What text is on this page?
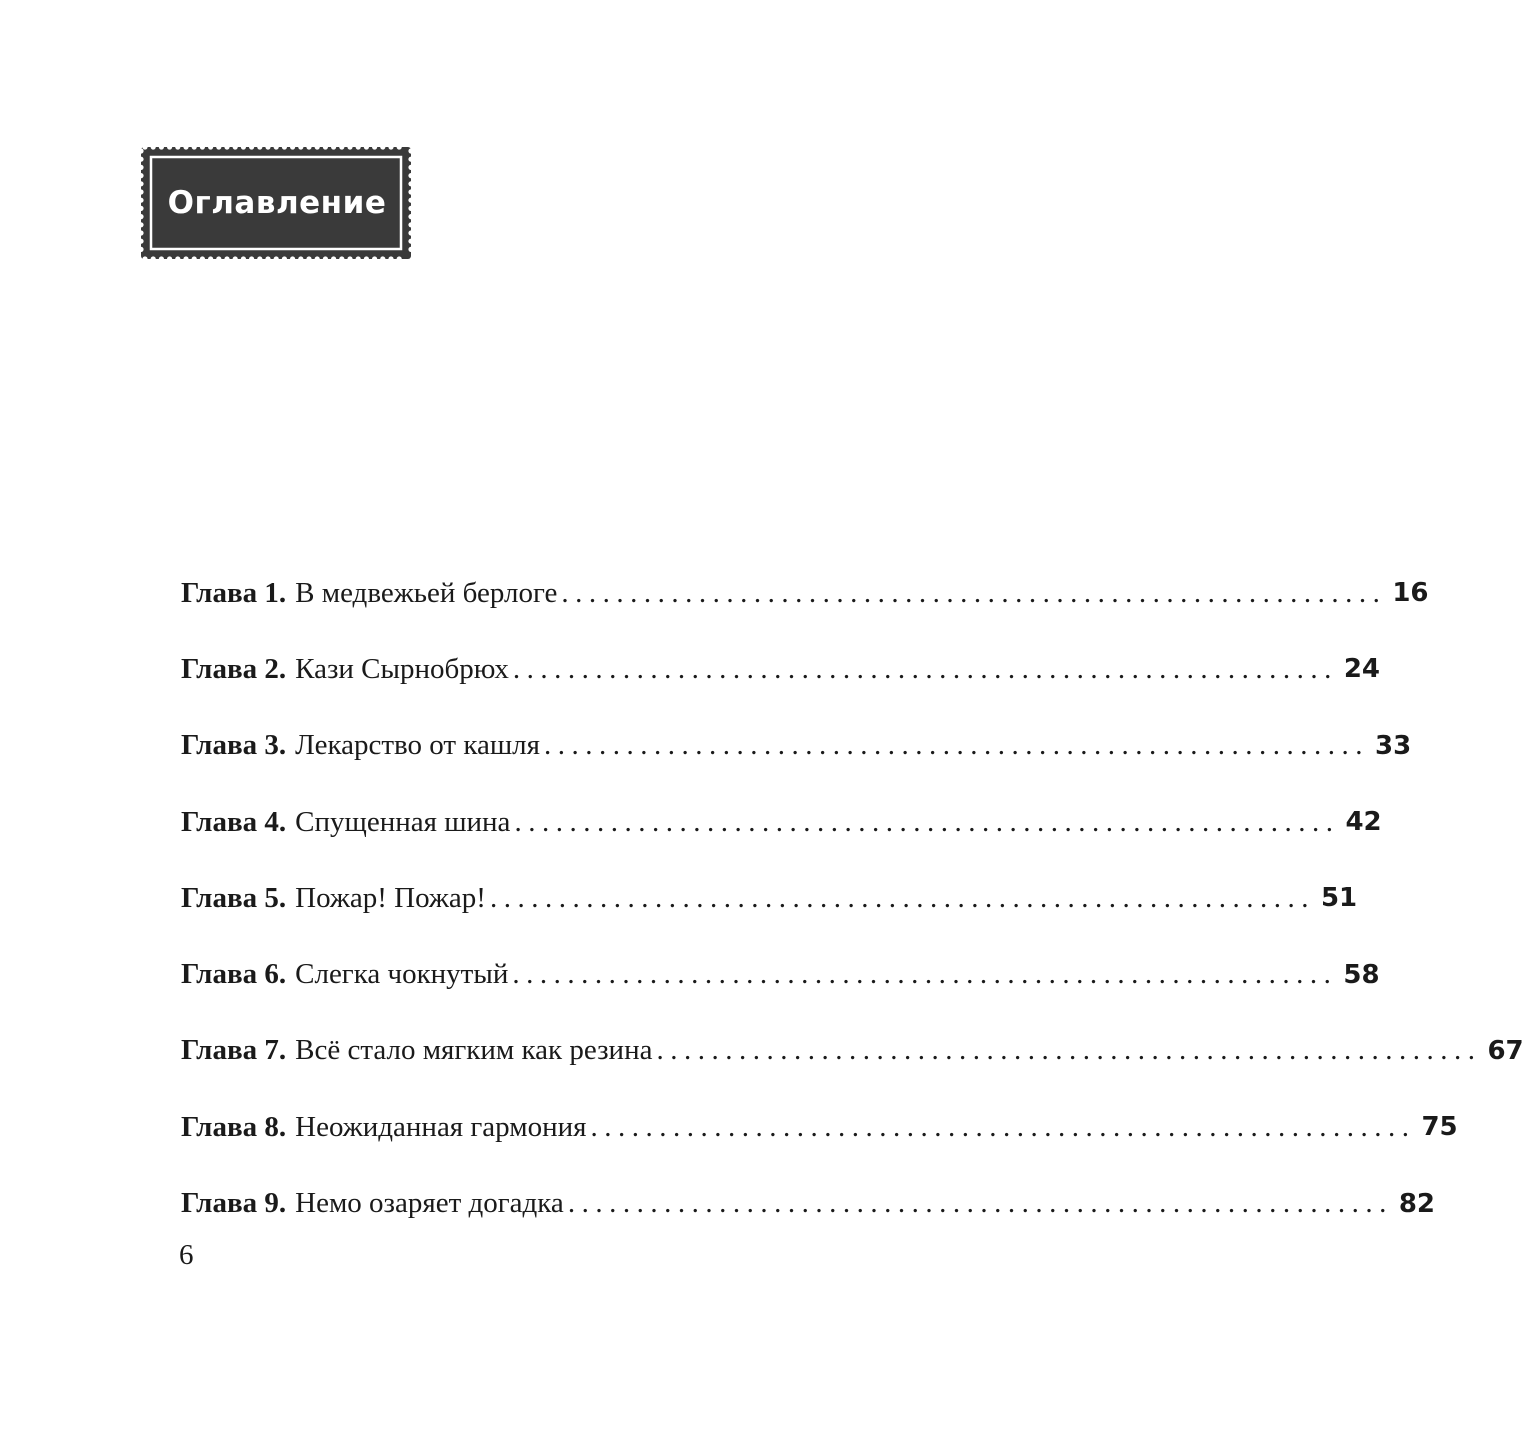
Оглавление
Глава 1. В медвежьей берлоге ............................................................ 16
Глава 2. Кази Сырнобрюх ............................................................ 24
Глава 3. Лекарство от кашля ............................................................ 33
Глава 4. Спущенная шина ............................................................ 42
Глава 5. Пожар! Пожар! ............................................................ 51
Глава 6. Слегка чокнутый ............................................................ 58
Глава 7. Всё стало мягким как резина ............................................................ 67
Глава 8. Неожиданная гармония ............................................................ 75
Глава 9. Немо озаряет догадка ............................................................ 82
6
